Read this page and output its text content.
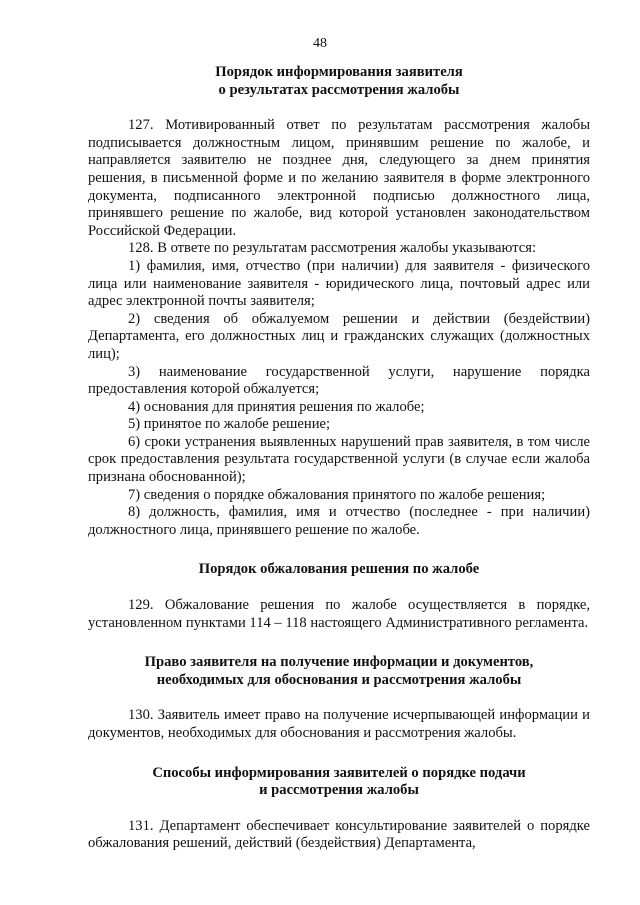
48
Порядок информирования заявителя
о результатах рассмотрения жалобы

127. Мотивированный ответ по результатам рассмотрения жалобы подписывается должностным лицом, принявшим решение по жалобе, и направляется заявителю не позднее дня, следующего за днем принятия решения, в письменной форме и по желанию заявителя в форме электронного документа, подписанного электронной подписью должностного лица, принявшего решение по жалобе, вид которой установлен законодательством Российской Федерации.

128. В ответе по результатам рассмотрения жалобы указываются:

1) фамилия, имя, отчество (при наличии) для заявителя - физического лица или наименование заявителя - юридического лица, почтовый адрес или адрес электронной почты заявителя;

2) сведения об обжалуемом решении и действии (бездействии) Департамента, его должностных лиц и гражданских служащих (должностных лиц);

3) наименование государственной услуги, нарушение порядка предоставления которой обжалуется;

4) основания для принятия решения по жалобе;

5) принятое по жалобе решение;

6) сроки устранения выявленных нарушений прав заявителя, в том числе срок предоставления результата государственной услуги (в случае если жалоба признана обоснованной);

7) сведения о порядке обжалования принятого по жалобе решения;

8) должность, фамилия, имя и отчество (последнее - при наличии) должностного лица, принявшего решение по жалобе.

Порядок обжалования решения по жалобе

129. Обжалование решения по жалобе осуществляется в порядке, установленном пунктами 114 – 118 настоящего Административного регламента.

Право заявителя на получение информации и документов,
необходимых для обоснования и рассмотрения жалобы

130. Заявитель имеет право на получение исчерпывающей информации и документов, необходимых для обоснования и рассмотрения жалобы.

Способы информирования заявителей о порядке подачи
и рассмотрения жалобы

131. Департамент обеспечивает консультирование заявителей о порядке обжалования решений, действий (бездействия) Департамента,
